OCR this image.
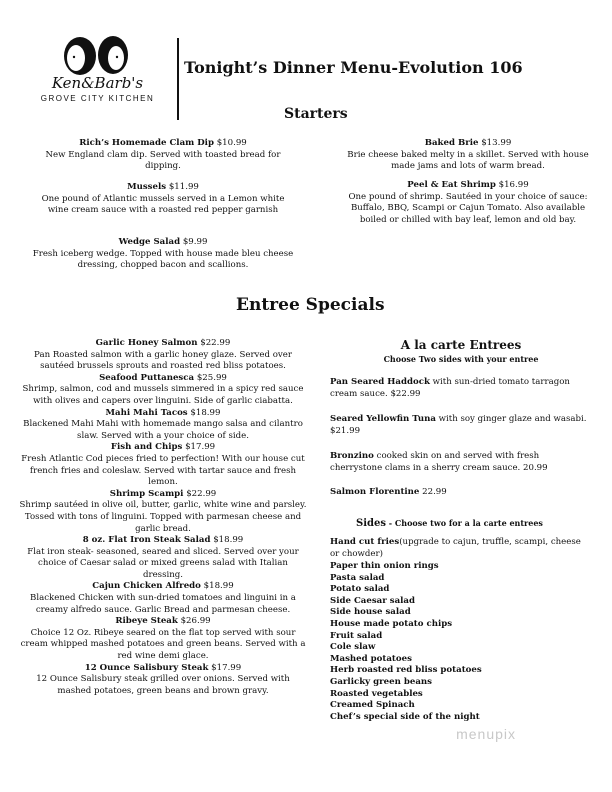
Ken&Barb's
GROVE CITY KITCHEN
Tonight’s Dinner Menu-Evolution 106
Starters
Rich’s Homemade Clam Dip $10.99
New England clam dip. Served with toasted bread for dipping.
Mussels $11.99
One pound of Atlantic mussels served in a Lemon white wine cream sauce with a roasted red pepper garnish
Wedge Salad $9.99
Fresh iceberg wedge. Topped with house made bleu cheese dressing, chopped bacon and scallions.
Baked Brie $13.99
Brie cheese baked melty in a skillet. Served with house made jams and lots of warm bread.
Peel & Eat Shrimp $16.99
One pound of shrimp. Sautéed in your choice of sauce: Buffalo, BBQ, Scampi or Cajun Tomato. Also available boiled or chilled with bay leaf, lemon and old bay.
Entree Specials
Garlic Honey Salmon $22.99
Pan Roasted salmon with a garlic honey glaze. Served over sautéed brussels sprouts and roasted red bliss potatoes.
Seafood Puttanesca $25.99
Shrimp, salmon, cod and mussels simmered in a spicy red sauce with olives and capers over linguini. Side of garlic ciabatta.
Mahi Mahi Tacos $18.99
Blackened Mahi Mahi with homemade mango salsa and cilantro slaw. Served with a your choice of side.
Fish and Chips $17.99
Fresh Atlantic Cod pieces fried to perfection! With our house cut french fries and coleslaw. Served with tartar sauce and fresh lemon.
Shrimp Scampi $22.99
Shrimp sautéed in olive oil, butter, garlic, white wine and parsley. Tossed with tons of linguini. Topped with parmesan cheese and garlic bread.
8 oz. Flat Iron Steak Salad $18.99
Flat iron steak- seasoned, seared and sliced. Served over your choice of Caesar salad or mixed greens salad with Italian dressing.
Cajun Chicken Alfredo $18.99
Blackened Chicken with sun-dried tomatoes and linguini in a creamy alfredo sauce. Garlic Bread and parmesan cheese.
Ribeye Steak $26.99
Choice 12 Oz. Ribeye seared on the flat top served with sour cream whipped mashed potatoes and green beans. Served with a red wine demi glace.
12 Ounce Salisbury Steak $17.99
12 Ounce Salisbury steak grilled over onions. Served with mashed potatoes, green beans and brown gravy.
A la carte Entrees
Choose Two sides with your entree
Pan Seared Haddock with sun-dried tomato tarragon cream sauce. $22.99
Seared Yellowfin Tuna with soy ginger glaze and wasabi. $21.99
Bronzino cooked skin on and served with fresh cherrystone clams in a sherry cream sauce. 20.99
Salmon Florentine 22.99
Sides - Choose two for a la carte entrees
Hand cut fries(upgrade to cajun, truffle, scampi, cheese or chowder)
Paper thin onion rings
Pasta salad
Potato salad
Side Caesar salad
Side house salad
House made potato chips
Fruit salad
Cole slaw
Mashed potatoes
Herb roasted red bliss potatoes
Garlicky green beans
Roasted vegetables
Creamed Spinach
Chef’s special side of the night
menupix
